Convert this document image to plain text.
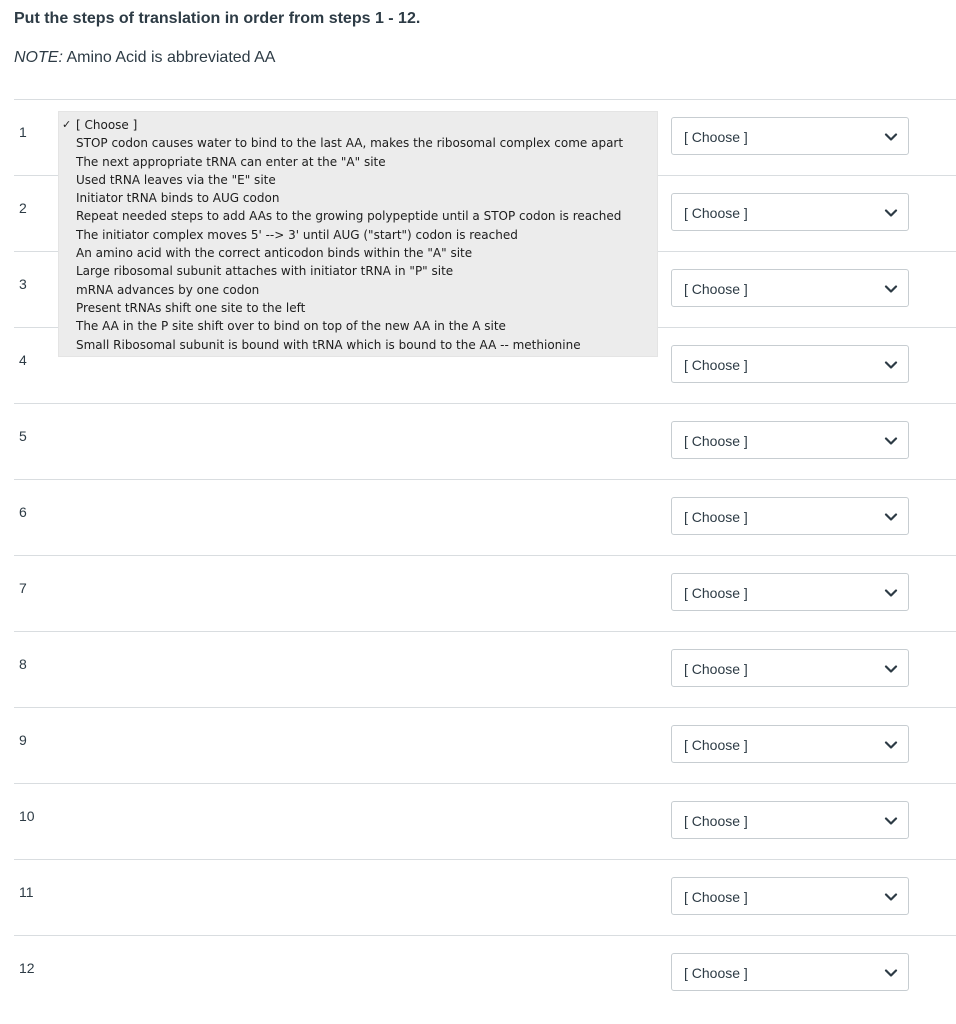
Put the steps of translation in order from steps 1 - 12.
NOTE: Amino Acid is abbreviated AA
1	[ Choose ]
2	[ Choose ]
3	[ Choose ]
4	[ Choose ]
5	[ Choose ]
6	[ Choose ]
7	[ Choose ]
8	[ Choose ]
9	[ Choose ]
10	[ Choose ]
11	[ Choose ]
12	[ Choose ]
✓ [ Choose ]
STOP codon causes water to bind to the last AA, makes the ribosomal complex come apart
The next appropriate tRNA can enter at the "A" site
Used tRNA leaves via the "E" site
Initiator tRNA binds to AUG codon
Repeat needed steps to add AAs to the growing polypeptide until a STOP codon is reached
The initiator complex moves 5' --> 3' until AUG ("start") codon is reached
An amino acid with the correct anticodon binds within the "A" site
Large ribosomal subunit attaches with initiator tRNA in "P" site
mRNA advances by one codon
Present tRNAs shift one site to the left
The AA in the P site shift over to bind on top of the new AA in the A site
Small Ribosomal subunit is bound with tRNA which is bound to the AA -- methionine
